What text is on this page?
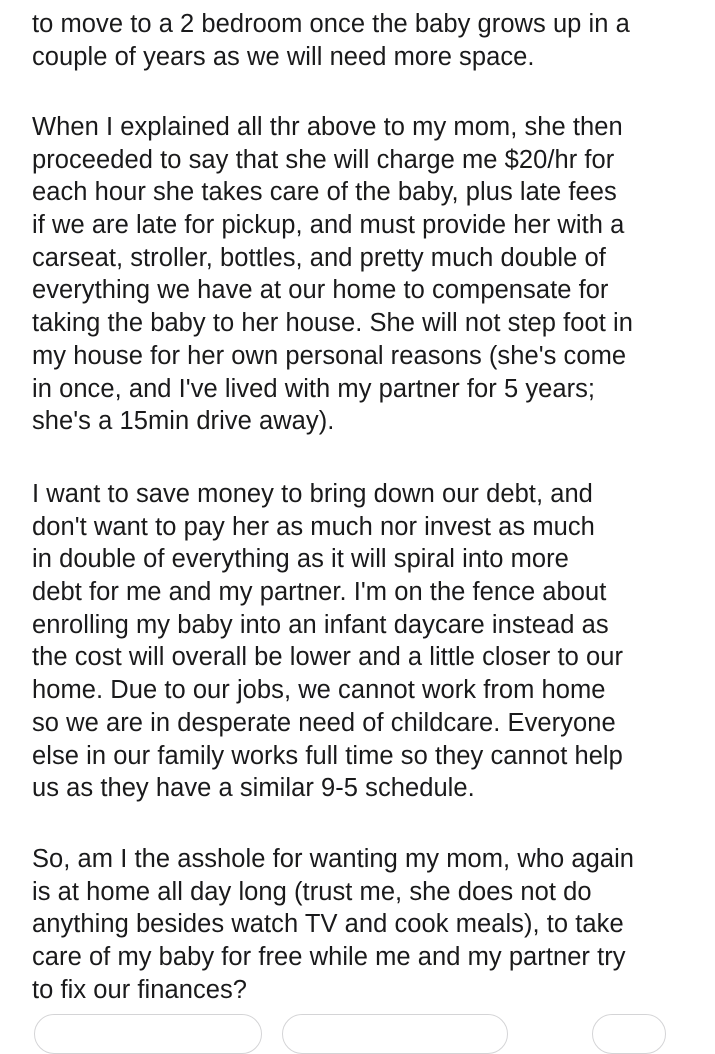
to move to a 2 bedroom once the baby grows up in a
couple of years as we will need more space.
When I explained all thr above to my mom, she then
proceeded to say that she will charge me $20/hr for
each hour she takes care of the baby, plus late fees
if we are late for pickup, and must provide her with a
carseat, stroller, bottles, and pretty much double of
everything we have at our home to compensate for
taking the baby to her house. She will not step foot in
my house for her own personal reasons (she's come
in once, and I've lived with my partner for 5 years;
she's a 15min drive away).
I want to save money to bring down our debt, and
don't want to pay her as much nor invest as much
in double of everything as it will spiral into more
debt for me and my partner. I'm on the fence about
enrolling my baby into an infant daycare instead as
the cost will overall be lower and a little closer to our
home. Due to our jobs, we cannot work from home
so we are in desperate need of childcare. Everyone
else in our family works full time so they cannot help
us as they have a similar 9-5 schedule.
So, am I the asshole for wanting my mom, who again
is at home all day long (trust me, she does not do
anything besides watch TV and cook meals), to take
care of my baby for free while me and my partner try
to fix our finances?
